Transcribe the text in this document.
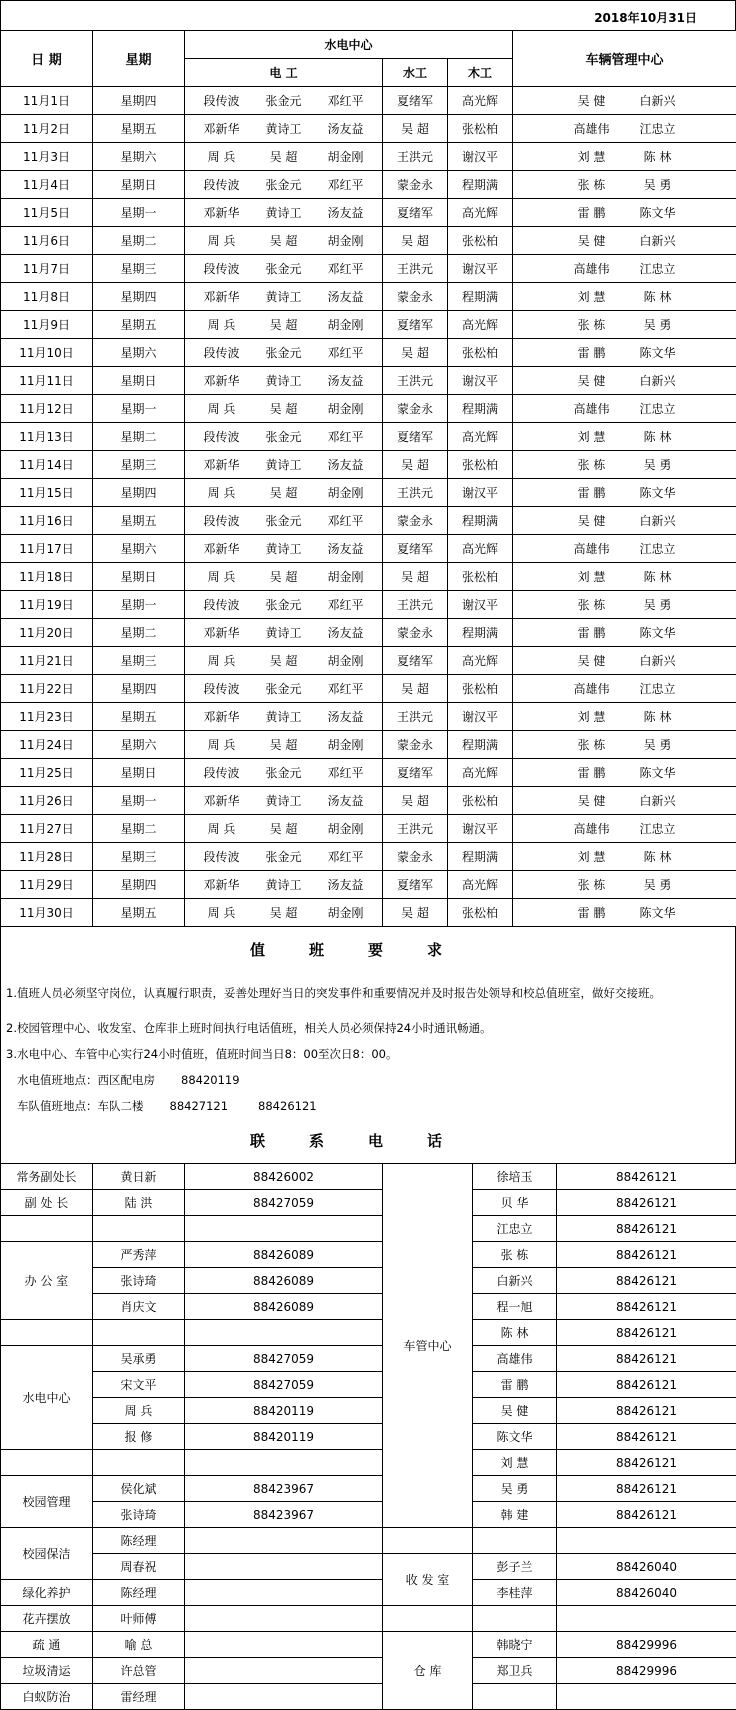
2018年10月31日
日 期	星期	水电中心			车辆管理中心
		电 工	水工	木工	
11月1日	星期四	段传波 张金元 邓红平	夏绪军	高光辉	吴 健 白新兴
11月2日	星期五	邓新华 黄诗工 汤友益	吴 超	张松柏	高雄伟 江忠立
11月3日	星期六	周 兵 吴 超 胡金刚	王洪元	谢汉平	刘 慧 陈 林
11月4日	星期日	段传波 张金元 邓红平	蒙金永	程期满	张 栋 吴 勇
11月5日	星期一	邓新华 黄诗工 汤友益	夏绪军	高光辉	雷 鹏 陈文华
11月6日	星期二	周 兵 吴 超 胡金刚	吴 超	张松柏	吴 健 白新兴
11月7日	星期三	段传波 张金元 邓红平	王洪元	谢汉平	高雄伟 江忠立
11月8日	星期四	邓新华 黄诗工 汤友益	蒙金永	程期满	刘 慧 陈 林
11月9日	星期五	周 兵 吴 超 胡金刚	夏绪军	高光辉	张 栋 吴 勇
11月10日	星期六	段传波 张金元 邓红平	吴 超	张松柏	雷 鹏 陈文华
11月11日	星期日	邓新华 黄诗工 汤友益	王洪元	谢汉平	吴 健 白新兴
11月12日	星期一	周 兵 吴 超 胡金刚	蒙金永	程期满	高雄伟 江忠立
11月13日	星期二	段传波 张金元 邓红平	夏绪军	高光辉	刘 慧 陈 林
11月14日	星期三	邓新华 黄诗工 汤友益	吴 超	张松柏	张 栋 吴 勇
11月15日	星期四	周 兵 吴 超 胡金刚	王洪元	谢汉平	雷 鹏 陈文华
11月16日	星期五	段传波 张金元 邓红平	蒙金永	程期满	吴 健 白新兴
11月17日	星期六	邓新华 黄诗工 汤友益	夏绪军	高光辉	高雄伟 江忠立
11月18日	星期日	周 兵 吴 超 胡金刚	吴 超	张松柏	刘 慧 陈 林
11月19日	星期一	段传波 张金元 邓红平	王洪元	谢汉平	张 栋 吴 勇
11月20日	星期二	邓新华 黄诗工 汤友益	蒙金永	程期满	雷 鹏 陈文华
11月21日	星期三	周 兵 吴 超 胡金刚	夏绪军	高光辉	吴 健 白新兴
11月22日	星期四	段传波 张金元 邓红平	吴 超	张松柏	高雄伟 江忠立
11月23日	星期五	邓新华 黄诗工 汤友益	王洪元	谢汉平	刘 慧 陈 林
11月24日	星期六	周 兵 吴 超 胡金刚	蒙金永	程期满	张 栋 吴 勇
11月25日	星期日	段传波 张金元 邓红平	夏绪军	高光辉	雷 鹏 陈文华
11月26日	星期一	邓新华 黄诗工 汤友益	吴 超	张松柏	吴 健 白新兴
11月27日	星期二	周 兵 吴 超 胡金刚	王洪元	谢汉平	高雄伟 江忠立
11月28日	星期三	段传波 张金元 邓红平	蒙金永	程期满	刘 慧 陈 林
11月29日	星期四	邓新华 黄诗工 汤友益	夏绪军	高光辉	张 栋 吴 勇
11月30日	星期五	周 兵 吴 超 胡金刚	吴 超	张松柏	雷 鹏 陈文华
值班要求
1.值班人员必须坚守岗位，认真履行职责，妥善处理好当日的突发事件和重要情况并及时报告处领导和校总值班室，做好交接班。
2.校园管理中心、收发室、仓库非上班时间执行电话值班，相关人员必须保持24小时通讯畅通。
3.水电中心、车管中心实行24小时值班，值班时间当日8：00至次日8：00。
水电值班地点：西区配电房 88420119
车队值班地点：车队二楼 88427121	88426121
联系电话
常务副处长	黄日新	88426002	车管中心	徐培玉	88426121
副 处 长	陆 洪	88427059		贝 华	88426121
				江忠立	88426121
办 公 室	严秀萍	88426089		张 栋	88426121
	张诗琦	88426089		白新兴	88426121
	肖庆文	88426089		程一旭	88426121
				陈 林	88426121
水电中心	吴承勇	88427059		高雄伟	88426121
	宋文平	88427059		雷 鹏	88426121
	周 兵	88420119		吴 健	88426121
	报 修	88420119		陈文华	88426121
				刘 慧	88426121
校园管理	侯化斌	88423967		吴 勇	88426121
	张诗琦	88423967		韩 建	88426121
校园保洁	陈经理				
	周春祝		收 发 室	彭子兰	88426040
绿化养护	陈经理			李桂萍	88426040
花卉摆放	叶师傅				
疏 通	喻 总		仓 库	韩晓宁	88429996
垃圾清运	许总管			郑卫兵	88429996
白蚁防治	雷经理				
